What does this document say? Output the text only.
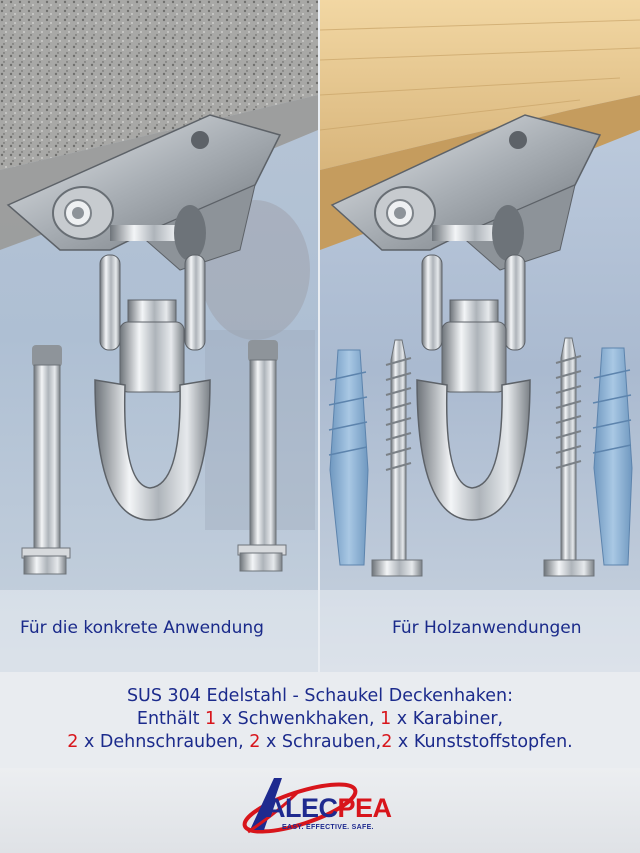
Für die konkrete Anwendung	Für Holzanwendungen
SUS 304 Edelstahl - Schaukel Deckenhaken:
Enthält 1 x Schwenkhaken, 1 x Karabiner,
2 x Dehnschrauben, 2 x Schrauben,2 x Kunststoffstopfen.
ALECPEA
EASY. EFFECTIVE. SAFE.
